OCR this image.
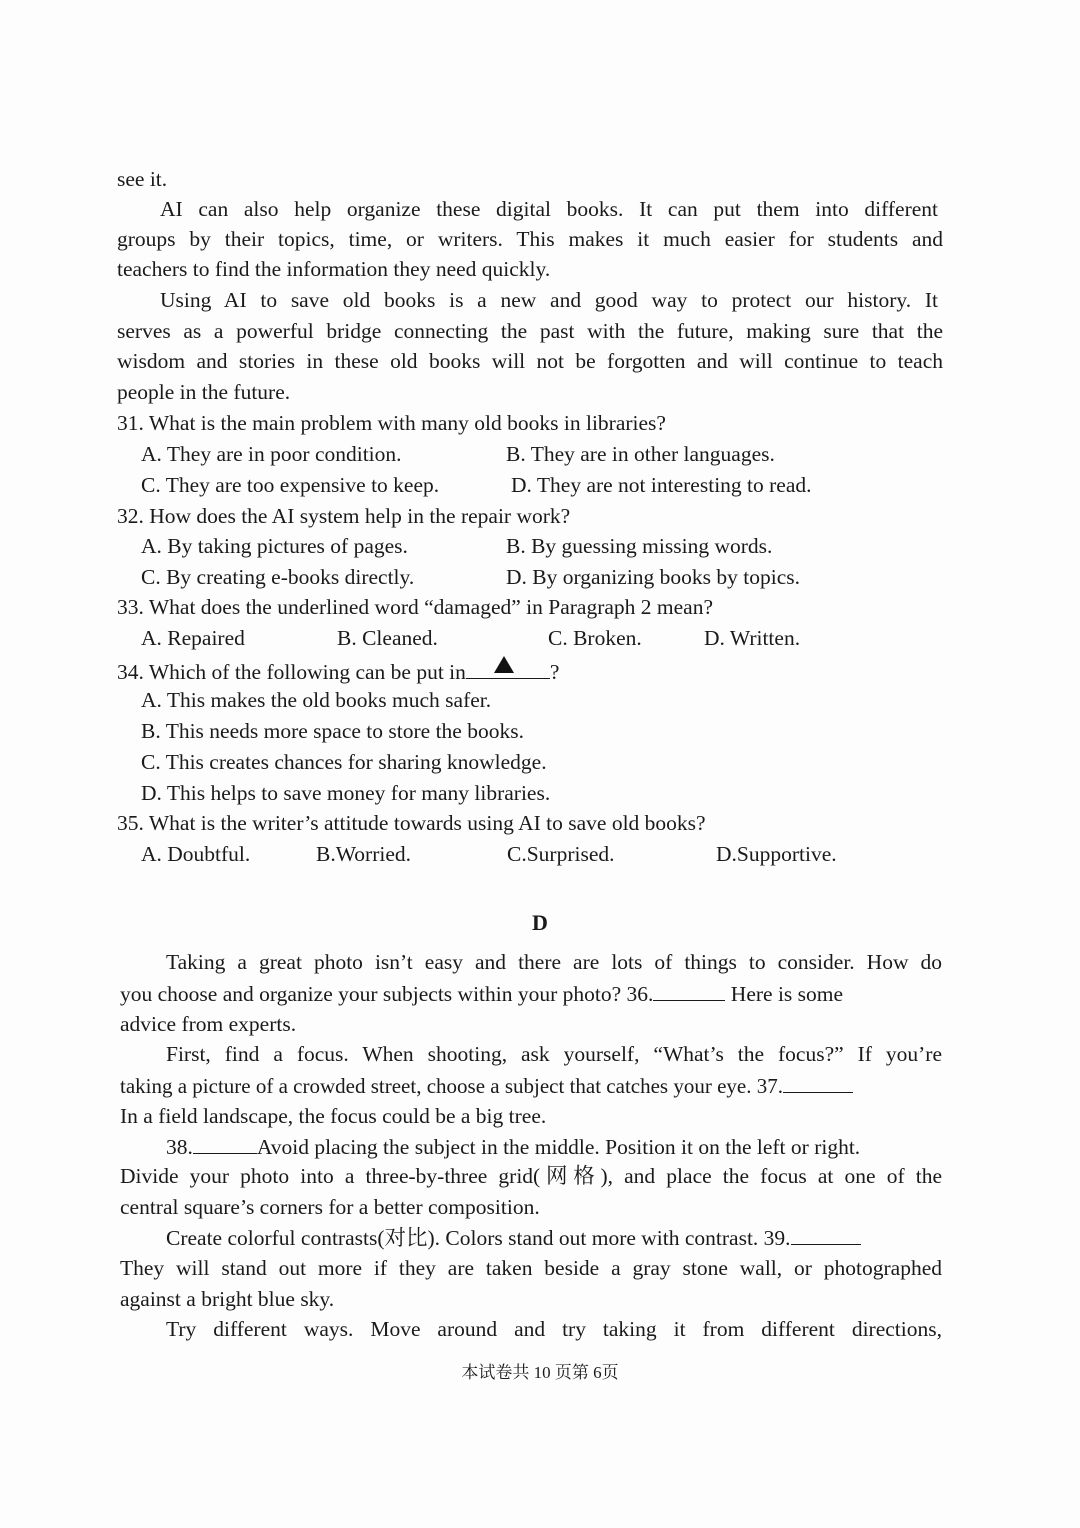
see it.
AI can also help organize these digital books. It can put them into different
groups by their topics, time, or writers. This makes it much easier for students and
teachers to find the information they need quickly.
Using AI to save old books is a new and good way to protect our history. It
serves as a powerful bridge connecting the past with the future, making sure that the
wisdom and stories in these old books will not be forgotten and will continue to teach
people in the future.
31. What is the main problem with many old books in libraries?
A. They are in poor condition.	B. They are in other languages.
C. They are too expensive to keep.	D. They are not interesting to read.
32. How does the AI system help in the repair work?
A. By taking pictures of pages.	B. By guessing missing words.
C. By creating e-books directly.	D. By organizing books by topics.
33. What does the underlined word “damaged” in Paragraph 2 mean?
A. Repaired	B. Cleaned.	C. Broken.	D. Written.
34. Which of the following can be put in	?
A. This makes the old books much safer.
B. This needs more space to store the books.
C. This creates chances for sharing knowledge.
D. This helps to save money for many libraries.
35. What is the writer’s attitude towards using AI to save old books?
A. Doubtful.	B.Worried.	C.Surprised.	D.Supportive.
D
Taking a great photo isn’t easy and there are lots of things to consider. How do
you choose and organize your subjects within your photo? 36.	Here is some
advice from experts.
First, find a focus. When shooting, ask yourself, “What’s the focus?” If you’re
taking a picture of a crowded street, choose a subject that catches your eye. 37.
In a field landscape, the focus could be a big tree.
38.	Avoid placing the subject in the middle. Position it on the left or right.
Divide your photo into a three-by-three grid(网格), and place the focus at one of the
central square’s corners for a better composition.
Create colorful contrasts(对比). Colors stand out more with contrast. 39.
They will stand out more if they are taken beside a gray stone wall, or photographed
against a bright blue sky.
Try different ways. Move around and try taking it from different directions,
本试卷共 10 页第 6页
